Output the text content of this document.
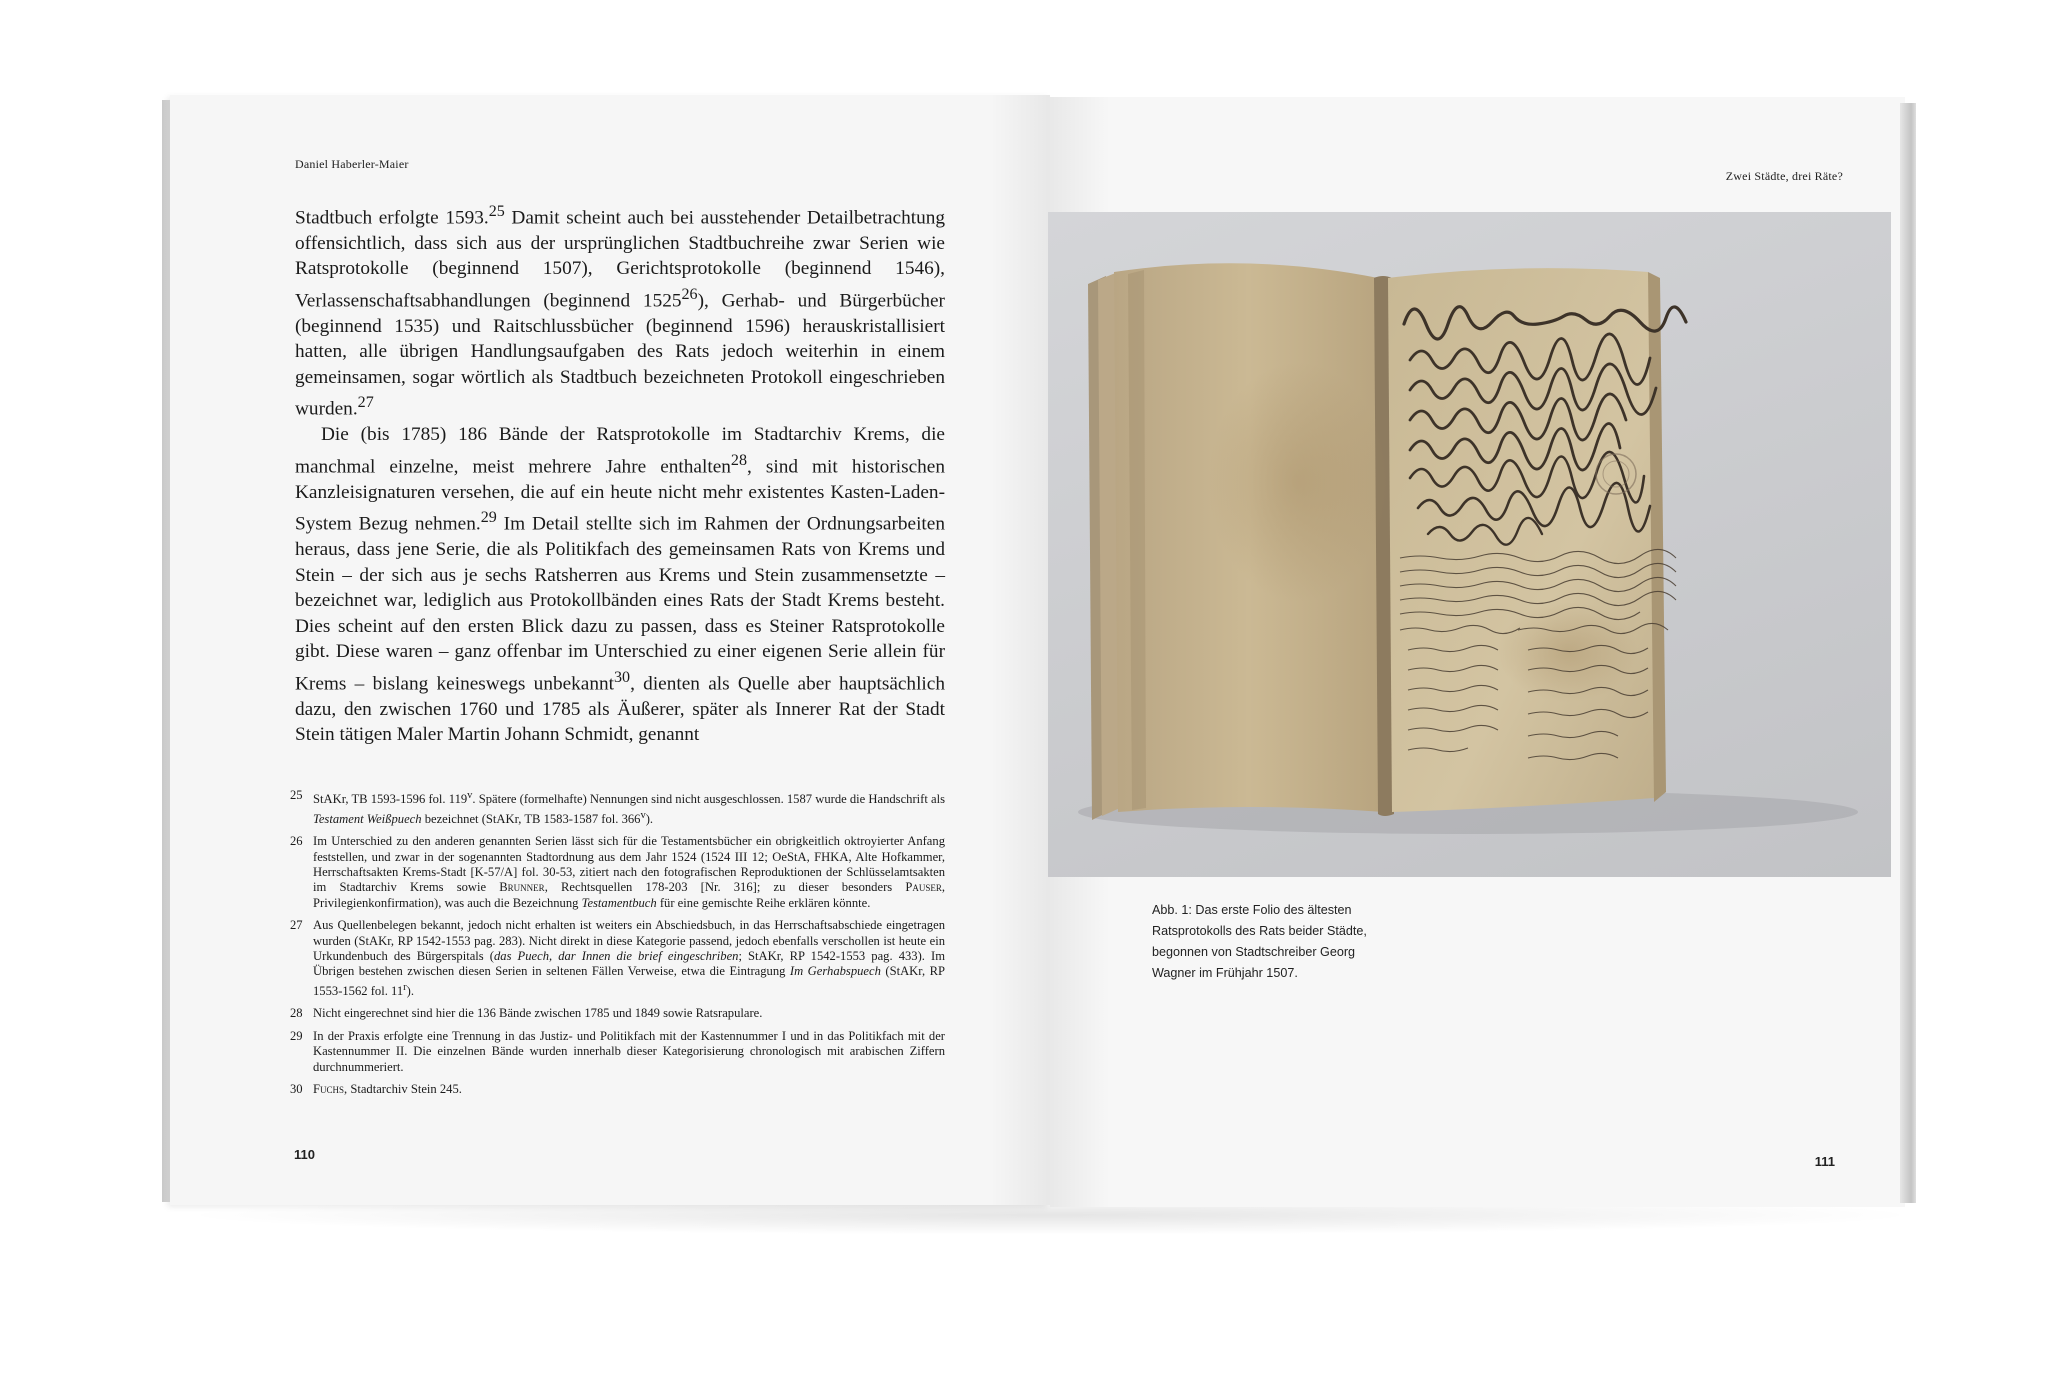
Daniel Haberler-Maier

Stadtbuch erfolgte 1593.25 Damit scheint auch bei ausstehender Detailbetrachtung offensichtlich, dass sich aus der ursprünglichen Stadtbuchreihe zwar Serien wie Ratsprotokolle (beginnend 1507), Gerichtsprotokolle (beginnend 1546), Verlassenschaftsabhandlungen (beginnend 1525$^{26}$), Gerhab- und Bürgerbücher (beginnend 1535) und Raitschlussbücher (beginnend 1596) herauskristallisiert hatten, alle übrigen Handlungsaufgaben des Rats jedoch weiterhin in einem gemeinsamen, sogar wörtlich als Stadtbuch bezeichneten Protokoll eingeschrieben wurden.$^{27}$

Die (bis 1785) 186 Bände der Ratsprotokolle im Stadtarchiv Krems, die manchmal einzelne, meist mehrere Jahre enthalten$^{28}$, sind mit historischen Kanzleisignaturen versehen, die auf ein heute nicht mehr existentes Kasten-Laden-System Bezug nehmen.$^{29}$ Im Detail stellte sich im Rahmen der Ordnungsarbeiten heraus, dass jene Serie, die als Politikfach des gemeinsamen Rats von Krems und Stein – der sich aus je sechs Ratsherren aus Krems und Stein zusammensetzte – bezeichnet war, lediglich aus Protokollbänden eines Rats der Stadt Krems besteht. Dies scheint auf den ersten Blick dazu zu passen, dass es Steiner Ratsprotokolle gibt. Diese waren – ganz offenbar im Unterschied zu einer eigenen Serie allein für Krems – bislang keineswegs unbekannt$^{30}$, dienten als Quelle aber hauptsächlich dazu, den zwischen 1760 und 1785 als Äußerer, später als Innerer Rat der Stadt Stein tätigen Maler Martin Johann Schmidt, genannt

25 StAKr, TB 1593-1596 fol. 119$^v$. Spätere (formelhafte) Nennungen sind nicht ausgeschlossen. 1587 wurde die Handschrift als Testament Weißpuech bezeichnet (StAKr, TB 1583-1587 fol. 366$^v$).
26 Im Unterschied zu den anderen genannten Serien lässt sich für die Testamentsbücher ein obrigkeitlich oktroyierter Anfang feststellen, und zwar in der sogenannten Stadtordnung aus dem Jahr 1524 (1524 III 12; OeStA, FHKA, Alte Hofkammer, Herrschaftsakten Krems-Stadt [K-57/A] fol. 30-53, zitiert nach den fotografischen Reproduktionen der Schlüsselamtsakten im Stadtarchiv Krems sowie Brunner, Rechtsquellen 178-203 [Nr. 316]; zu dieser besonders Pauser, Privilegienkonfirmation), was auch die Bezeichnung Testamentbuch für eine gemischte Reihe erklären könnte.
27 Aus Quellenbelegen bekannt, jedoch nicht erhalten ist weiters ein Abschiedsbuch, in das Herrschaftsabschiede eingetragen wurden (StAKr, RP 1542-1553 pag. 283). Nicht direkt in diese Kategorie passend, jedoch ebenfalls verschollen ist heute ein Urkundenbuch des Bürgerspitals (das Puech, dar Innen die brief eingeschriben; StAKr, RP 1542-1553 pag. 433). Im Übrigen bestehen zwischen diesen Serien in seltenen Fällen Verweise, etwa die Eintragung Im Gerhabspuech (StAKr, RP 1553-1562 fol. 11$^r$).
28 Nicht eingerechnet sind hier die 136 Bände zwischen 1785 und 1849 sowie Ratsrapulare.
29 In der Praxis erfolgte eine Trennung in das Justiz- und Politikfach mit der Kastennummer I und in das Politikfach mit der Kastennummer II. Die einzelnen Bände wurden innerhalb dieser Kategorisierung chronologisch mit arabischen Ziffern durchnummeriert.
30 Fuchs, Stadtarchiv Stein 245.
110
Zwei Städte, drei Räte?
Abb. 1: Das erste Folio des ältesten
Ratsprotokolls des Rats beider Städte,
begonnen von Stadtschreiber Georg
Wagner im Frühjahr 1507.
111
